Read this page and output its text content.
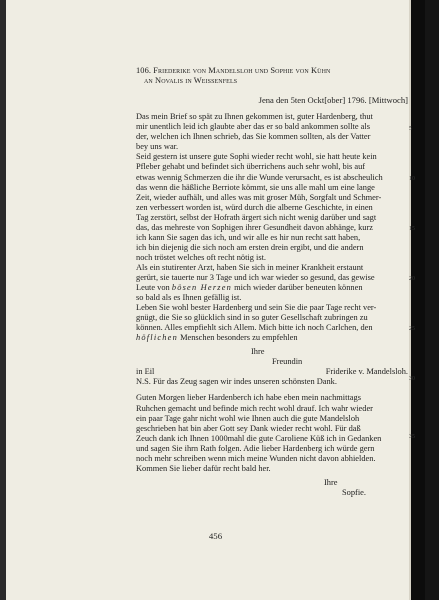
106. Friederike von Mandelsloh und Sophie von Kühn
an Novalis in Weissenfels
Jena den 5ten Ockt[ober] 1796. [Mittwoch]
Das mein Brief so spät zu Ihnen gekommen ist, guter Hardenberg, thut
mir unentlich leid ich glaubte aber das er so bald ankommen sollte als
der, welchen ich Ihnen schrieb, das Sie kommen sollten, als der Vatter
bey uns war.
Seid gestern ist unsere gute Sophi wieder recht wohl, sie hatt heute kein
Pfleber gehabt und befindet sich überrichens auch sehr wohl, bis auf
etwas wennig Schmerzen die ihr die Wunde verursacht, es ist abscheulich
das wenn die häßliche Berriote kömmt, sie uns alle mahl um eine lange
Zeit, wieder aufhält, und alles was mit groser Müh, Sorgfalt und Schmer-
zen verbessert worden ist, würd durch die alberne Geschichte, in einen
Tag zerstört, selbst der Hofrath ärgert sich nicht wenig darüber und sagt
das, das mehreste von Sophigen ihrer Gesundheit davon abhänge, kurz
ich kann Sie sagen das ich, und wir alle es hir nun recht satt haben,
ich bin diejenig die sich noch am ersten drein ergibt, und die andern
noch tröstet welches oft recht nötig ist.
Als ein stutirenter Arzt, haben Sie sich in meiner Krankheit erstaunt
gerürt, sie tauerte nur 3 Tage und ich war wieder so gesund, das gewise
Leute von bösen Herzen mich wieder darüber beneuten können
so bald als es Ihnen gefällig ist.
Leben Sie wohl bester Hardenberg und sein Sie die paar Tage recht ver-
gnügt, die Sie so glücklich sind in so guter Gesellschaft zubringen zu
können. Alles empfiehlt sich Allem. Mich bitte ich noch Carlchen, den
höflichen Menschen besonders zu empfehlen
Ihre
Freundin
in Eil	Friderike v. Mandelsloh.
N.S. Für das Zeug sagen wir indes unseren schönsten Dank.
Guten Morgen lieber Hardenberch ich habe eben mein nachmittags
Ruhchen gemacht und befinde mich recht wohl drauf. Ich wahr wieder
ein paar Tage gahr nicht wohl wie Ihnen auch die gute Mandelsloh
geschrieben hat bin aber Gott sey Dank wieder recht wohl. Für daß
Zeuch dank ich Ihnen 1000mahl die gute Caroliene Küß ich in Gedanken
und sagen Sie ihrn Rath folgen. Adie lieber Hardenberg ich würde gern
noch mehr schreiben wenn mich meine Wunden nicht davon abhielden.
Kommen Sie lieber dafür recht bald her.
Ihre
Sopfie.
5
10
15
20
25
30
35
456
